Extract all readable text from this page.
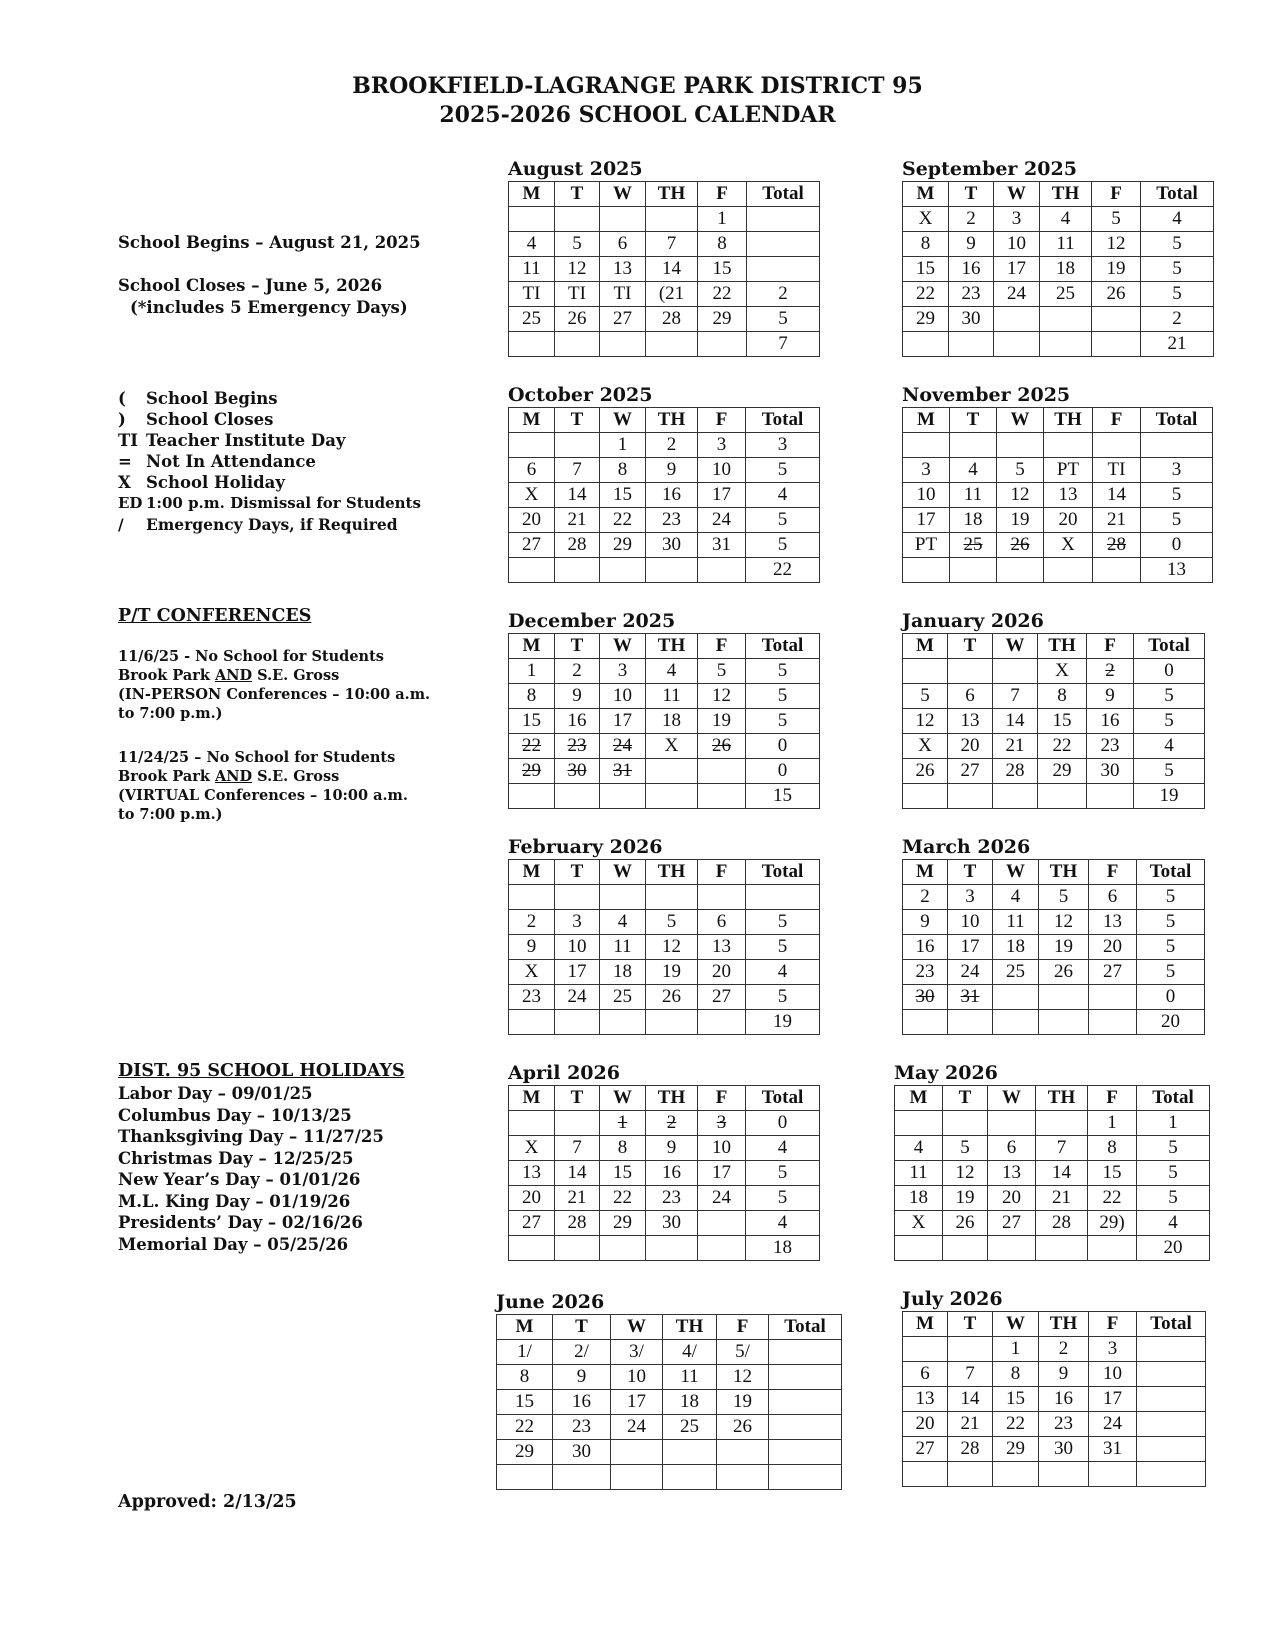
BROOKFIELD-LAGRANGE PARK DISTRICT 95
2025-2026 SCHOOL CALENDAR
School Begins – August 21, 2025
School Closes – June 5, 2026
(*includes 5 Emergency Days)
(	School Begins
)	School Closes
TI Teacher Institute Day
= Not In Attendance
X School Holiday
ED 1:00 p.m. Dismissal for Students
/	Emergency Days, if Required
P/T CONFERENCES
11/6/25 - No School for Students
Brook Park AND S.E. Gross
(IN-PERSON Conferences – 10:00 a.m.
to 7:00 p.m.)
11/24/25 – No School for Students
Brook Park AND S.E. Gross
(VIRTUAL Conferences – 10:00 a.m.
to 7:00 p.m.)
DIST. 95 SCHOOL HOLIDAYS
Labor Day – 09/01/25
Columbus Day – 10/13/25
Thanksgiving Day – 11/27/25
Christmas Day – 12/25/25
New Year’s Day – 01/01/26
M.L. King Day – 01/19/26
Presidents’ Day – 02/16/26
Memorial Day – 05/25/26
Approved: 2/13/25
August 2025
M	T	W	TH	F	Total
				1	
4	5	6	7	8	
11	12	13	14	15	
TI	TI	TI	(21	22	2
25	26	27	28	29	5
					7
September 2025
M	T	W	TH	F	Total
X	2	3	4	5	4
8	9	10	11	12	5
15	16	17	18	19	5
22	23	24	25	26	5
29	30				2
					21
October 2025
M	T	W	TH	F	Total
		1	2	3	3
6	7	8	9	10	5
X	14	15	16	17	4
20	21	22	23	24	5
27	28	29	30	31	5
					22
November 2025
M	T	W	TH	F	Total

3	4	5	PT	TI	3
10	11	12	13	14	5
17	18	19	20	21	5
PT	25	26	X	28	0
					13
December 2025
M	T	W	TH	F	Total
1	2	3	4	5	5
8	9	10	11	12	5
15	16	17	18	19	5
22	23	24	X	26	0
29	30	31			0
					15
January 2026
M	T	W	TH	F	Total
			X	2	0
5	6	7	8	9	5
12	13	14	15	16	5
X	20	21	22	23	4
26	27	28	29	30	5
					19
February 2026
M	T	W	TH	F	Total

2	3	4	5	6	5
9	10	11	12	13	5
X	17	18	19	20	4
23	24	25	26	27	5
					19
March 2026
M	T	W	TH	F	Total
2	3	4	5	6	5
9	10	11	12	13	5
16	17	18	19	20	5
23	24	25	26	27	5
30	31				0
					20
April 2026
M	T	W	TH	F	Total
		1	2	3	0
X	7	8	9	10	4
13	14	15	16	17	5
20	21	22	23	24	5
27	28	29	30		4
					18
May 2026
M	T	W	TH	F	Total
				1	1
4	5	6	7	8	5
11	12	13	14	15	5
18	19	20	21	22	5
X	26	27	28	29)	4
					20
June 2026
M	T	W	TH	F	Total
1/	2/	3/	4/	5/	
8	9	10	11	12	
15	16	17	18	19	
22	23	24	25	26	
29	30				

July 2026
M	T	W	TH	F	Total
		1	2	3	
6	7	8	9	10	
13	14	15	16	17	
20	21	22	23	24	
27	28	29	30	31	
